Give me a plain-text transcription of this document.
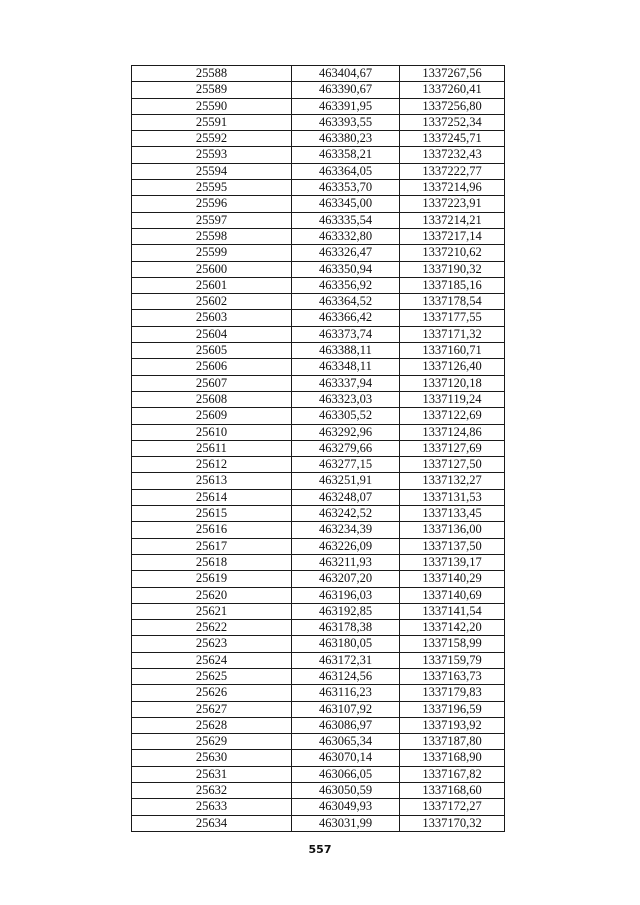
25588	463404,67	1337267,56
25589	463390,67	1337260,41
25590	463391,95	1337256,80
25591	463393,55	1337252,34
25592	463380,23	1337245,71
25593	463358,21	1337232,43
25594	463364,05	1337222,77
25595	463353,70	1337214,96
25596	463345,00	1337223,91
25597	463335,54	1337214,21
25598	463332,80	1337217,14
25599	463326,47	1337210,62
25600	463350,94	1337190,32
25601	463356,92	1337185,16
25602	463364,52	1337178,54
25603	463366,42	1337177,55
25604	463373,74	1337171,32
25605	463388,11	1337160,71
25606	463348,11	1337126,40
25607	463337,94	1337120,18
25608	463323,03	1337119,24
25609	463305,52	1337122,69
25610	463292,96	1337124,86
25611	463279,66	1337127,69
25612	463277,15	1337127,50
25613	463251,91	1337132,27
25614	463248,07	1337131,53
25615	463242,52	1337133,45
25616	463234,39	1337136,00
25617	463226,09	1337137,50
25618	463211,93	1337139,17
25619	463207,20	1337140,29
25620	463196,03	1337140,69
25621	463192,85	1337141,54
25622	463178,38	1337142,20
25623	463180,05	1337158,99
25624	463172,31	1337159,79
25625	463124,56	1337163,73
25626	463116,23	1337179,83
25627	463107,92	1337196,59
25628	463086,97	1337193,92
25629	463065,34	1337187,80
25630	463070,14	1337168,90
25631	463066,05	1337167,82
25632	463050,59	1337168,60
25633	463049,93	1337172,27
25634	463031,99	1337170,32
557
